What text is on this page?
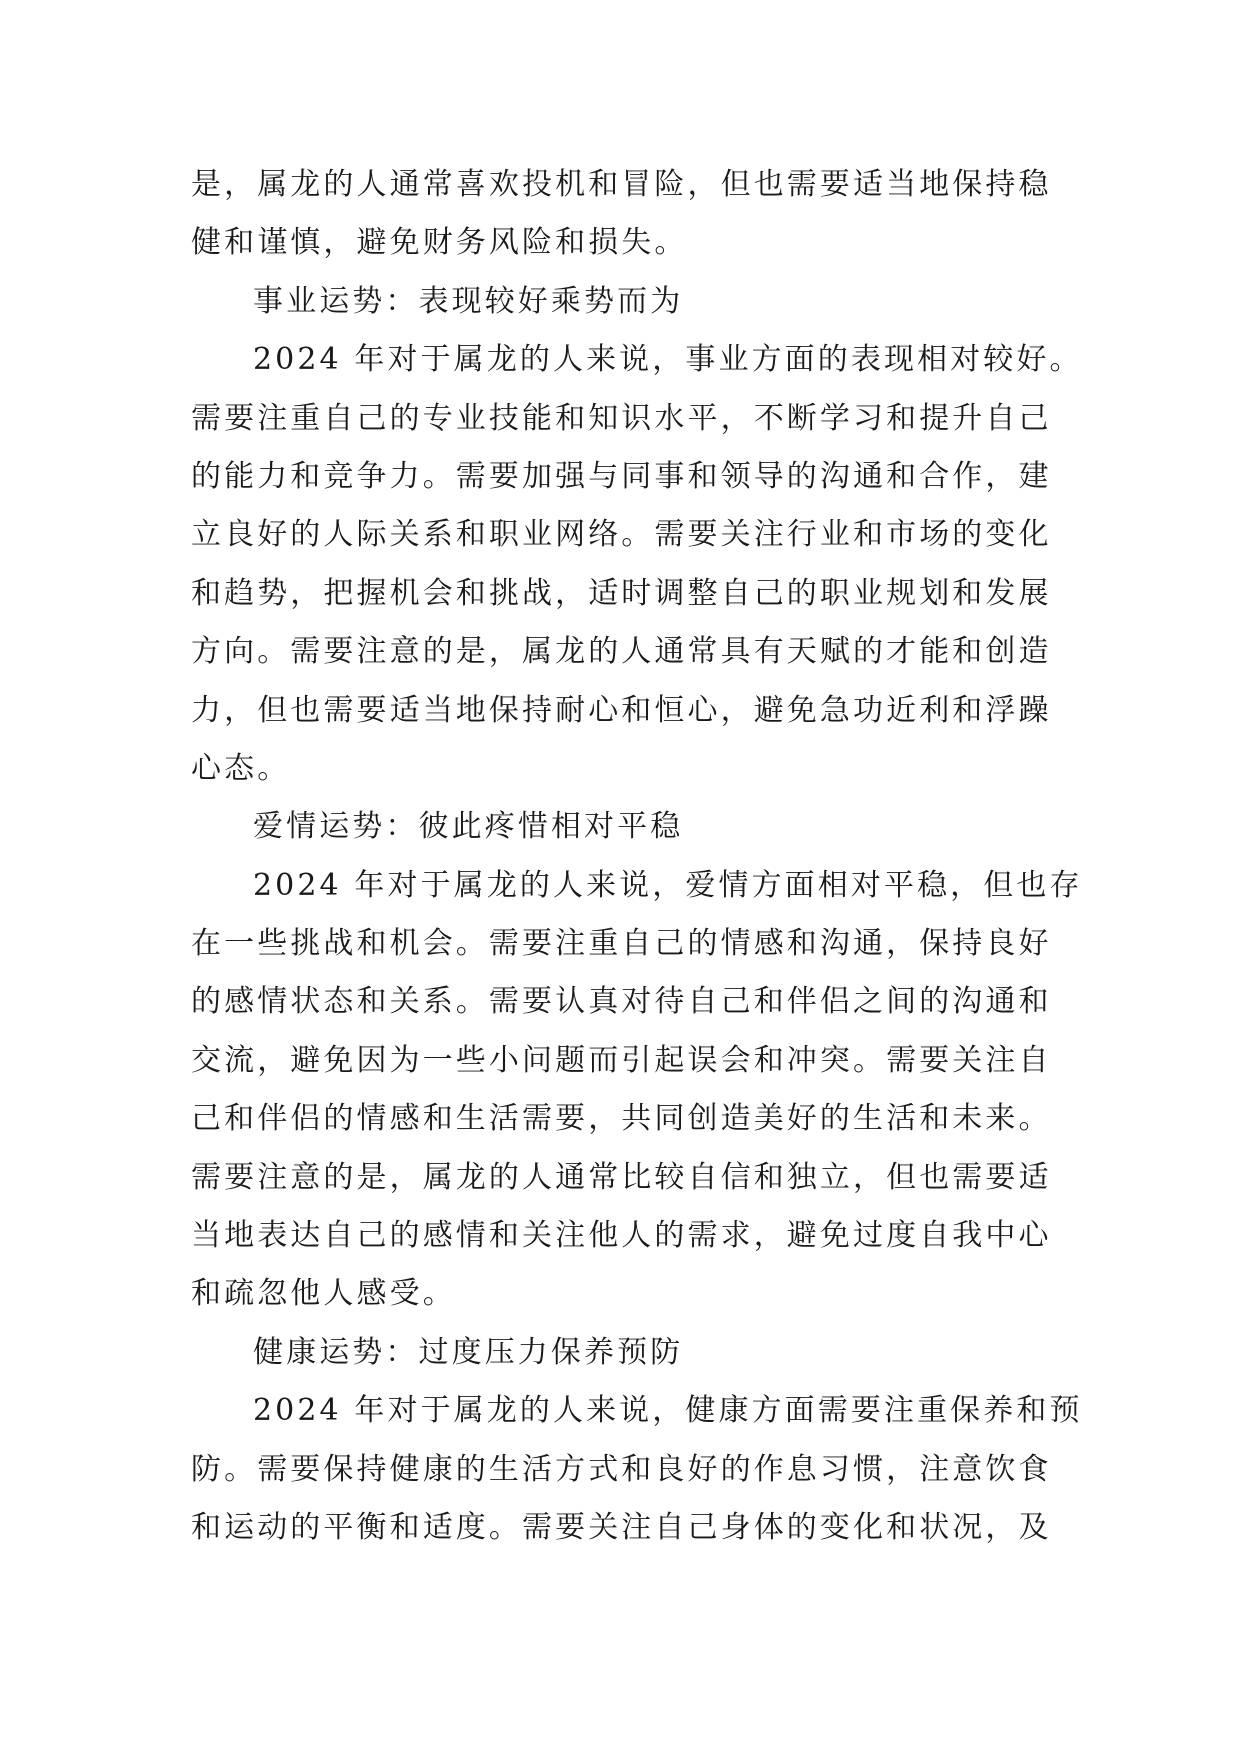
是，属龙的人通常喜欢投机和冒险，但也需要适当地保持稳
健和谨慎，避免财务风险和损失。
事业运势：表现较好乘势而为
2024 年对于属龙的人来说，事业方面的表现相对较好。
需要注重自己的专业技能和知识水平，不断学习和提升自己
的能力和竞争力。需要加强与同事和领导的沟通和合作，建
立良好的人际关系和职业网络。需要关注行业和市场的变化
和趋势，把握机会和挑战，适时调整自己的职业规划和发展
方向。需要注意的是，属龙的人通常具有天赋的才能和创造
力，但也需要适当地保持耐心和恒心，避免急功近利和浮躁
心态。
爱情运势：彼此疼惜相对平稳
2024 年对于属龙的人来说，爱情方面相对平稳，但也存
在一些挑战和机会。需要注重自己的情感和沟通，保持良好
的感情状态和关系。需要认真对待自己和伴侣之间的沟通和
交流，避免因为一些小问题而引起误会和冲突。需要关注自
己和伴侣的情感和生活需要，共同创造美好的生活和未来。
需要注意的是，属龙的人通常比较自信和独立，但也需要适
当地表达自己的感情和关注他人的需求，避免过度自我中心
和疏忽他人感受。
健康运势：过度压力保养预防
2024 年对于属龙的人来说，健康方面需要注重保养和预
防。需要保持健康的生活方式和良好的作息习惯，注意饮食
和运动的平衡和适度。需要关注自己身体的变化和状况，及
